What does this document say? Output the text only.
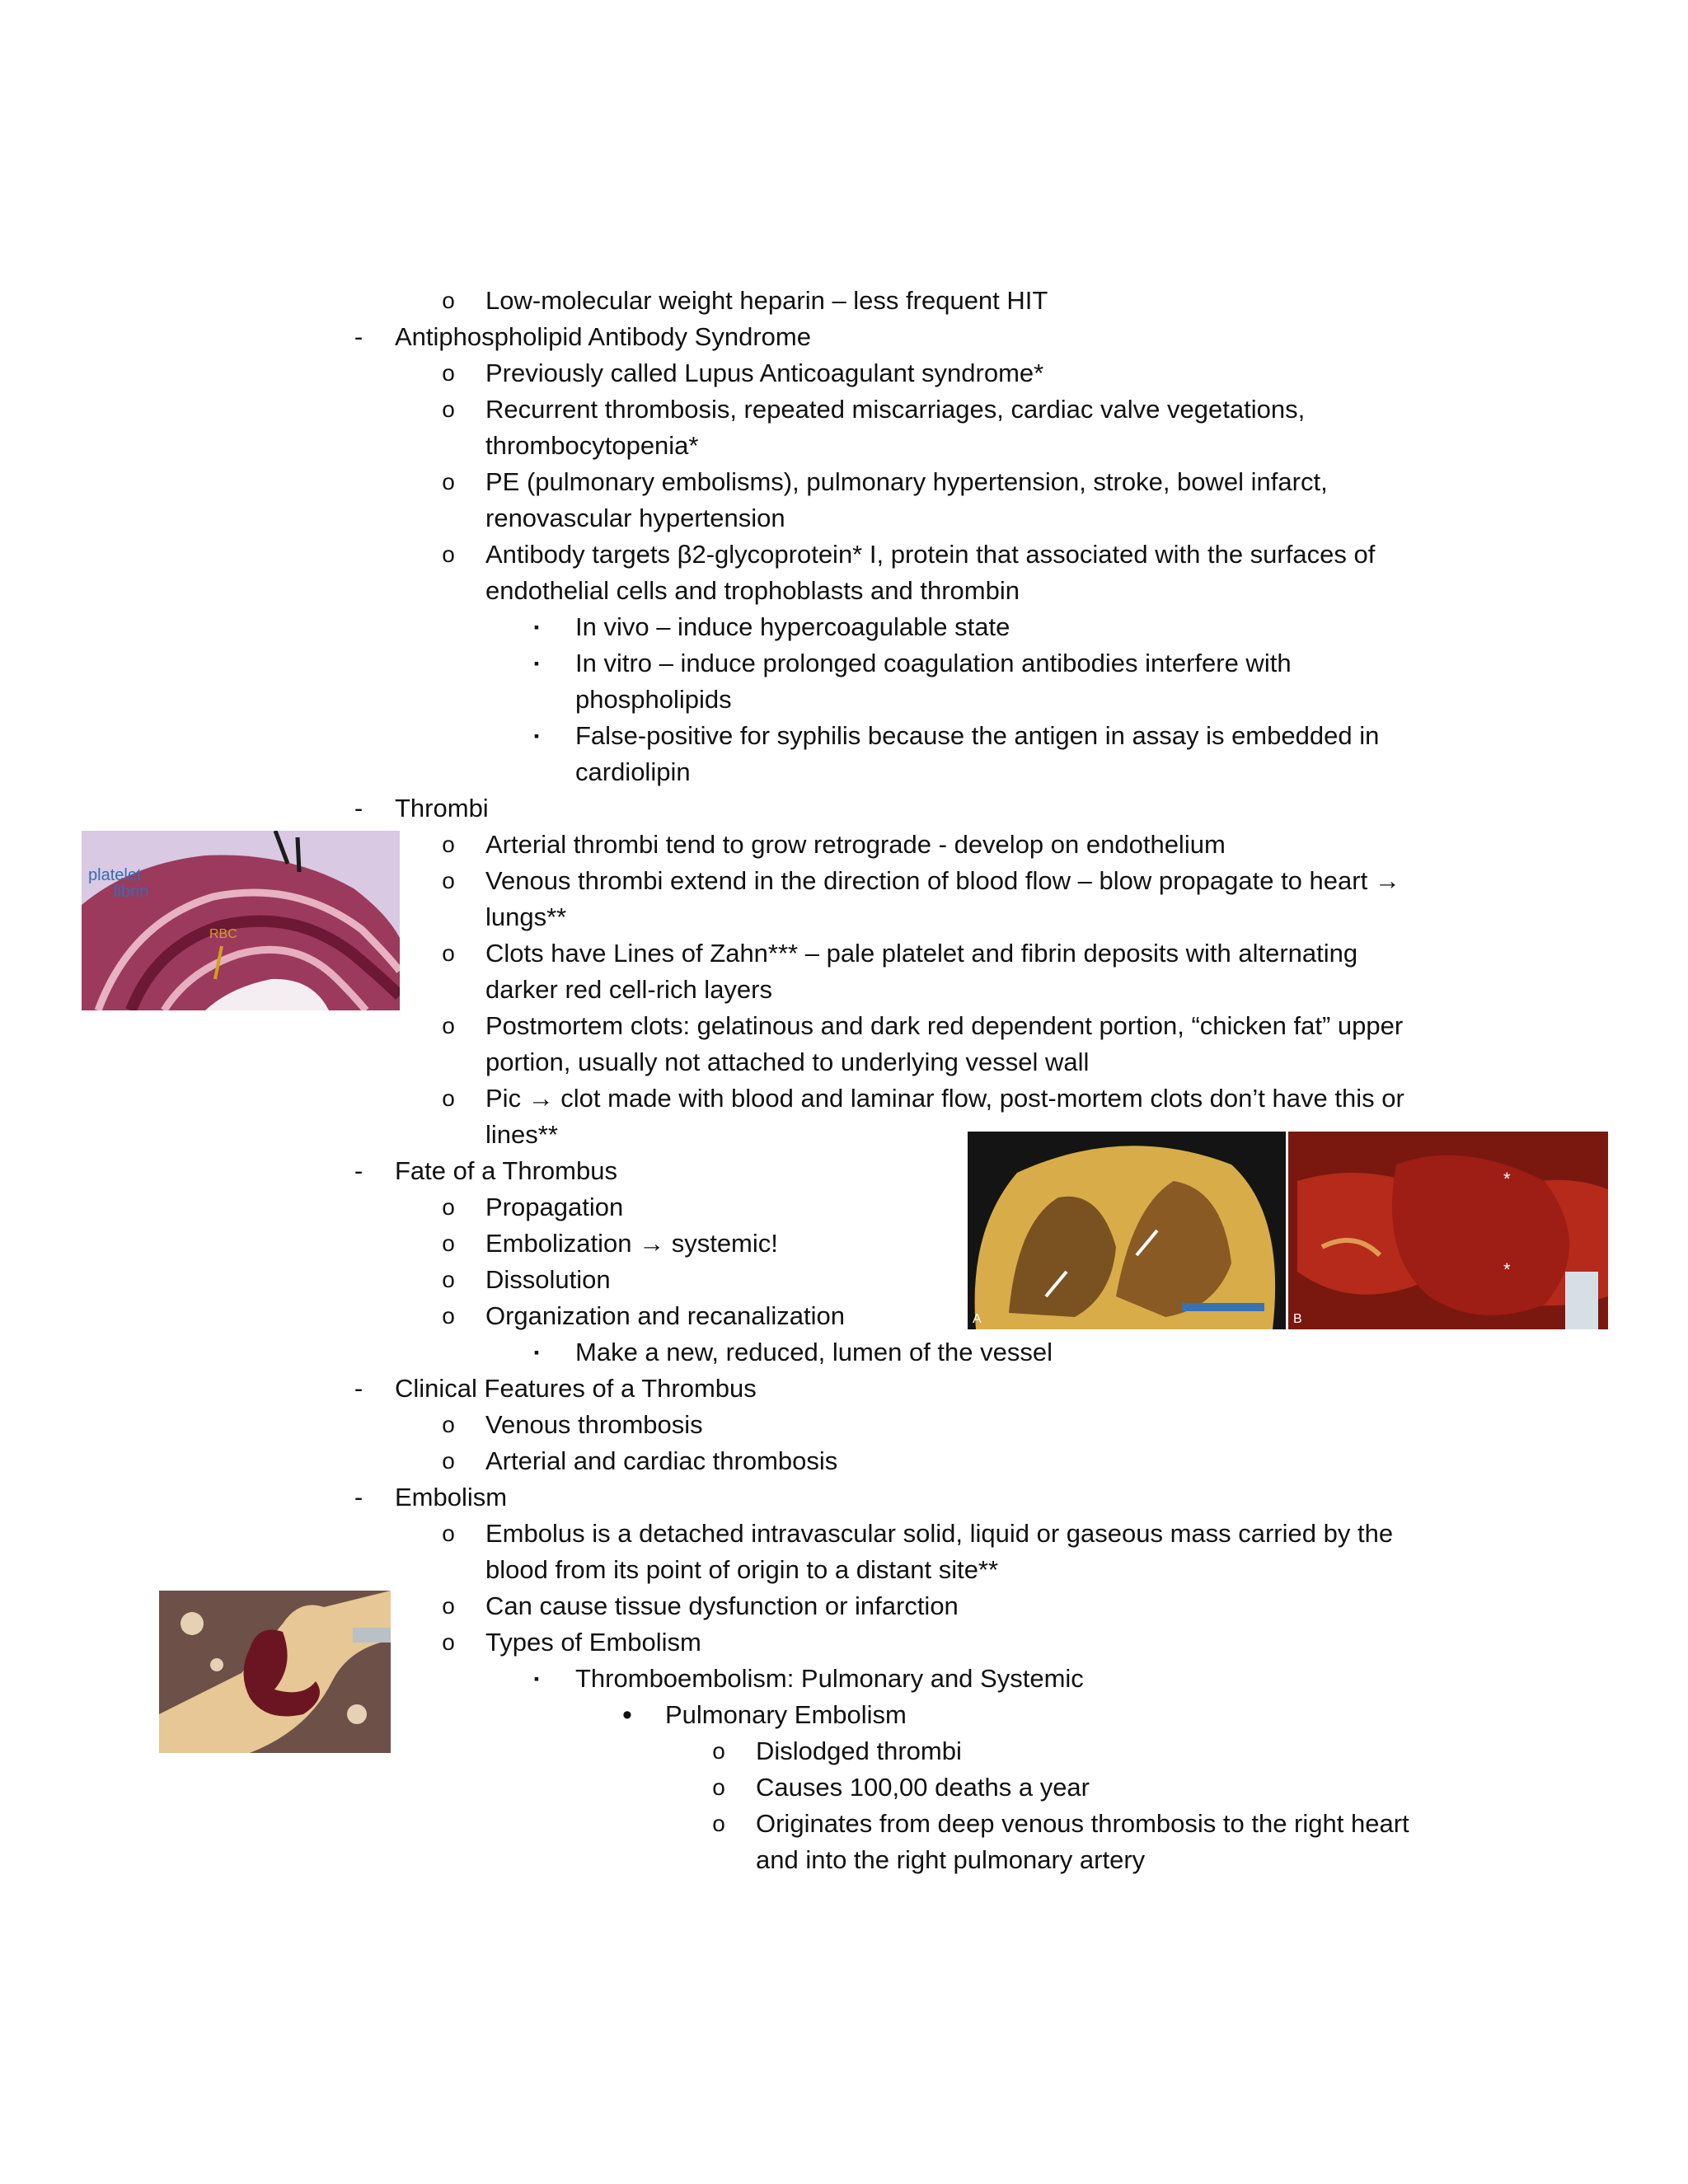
o Low-molecular weight heparin – less frequent HIT
- Antiphospholipid Antibody Syndrome
o Previously called Lupus Anticoagulant syndrome*
o Recurrent thrombosis, repeated miscarriages, cardiac valve vegetations,
thrombocytopenia*
o PE (pulmonary embolisms), pulmonary hypertension, stroke, bowel infarct,
renovascular hypertension
o Antibody targets β2-glycoprotein* I, protein that associated with the surfaces of
endothelial cells and trophoblasts and thrombin
▪ In vivo – induce hypercoagulable state
▪ In vitro – induce prolonged coagulation antibodies interfere with
phospholipids
▪ False-positive for syphilis because the antigen in assay is embedded in
cardiolipin
- Thrombi
o Arterial thrombi tend to grow retrograde - develop on endothelium
o Venous thrombi extend in the direction of blood flow – blow propagate to heart →
lungs**
o Clots have Lines of Zahn*** – pale platelet and fibrin deposits with alternating
darker red cell-rich layers
o Postmortem clots: gelatinous and dark red dependent portion, “chicken fat” upper
portion, usually not attached to underlying vessel wall
o Pic → clot made with blood and laminar flow, post-mortem clots don’t have this or
lines**
- Fate of a Thrombus
o Propagation
o Embolization → systemic!
o Dissolution
o Organization and recanalization
▪ Make a new, reduced, lumen of the vessel
- Clinical Features of a Thrombus
o Venous thrombosis
o Arterial and cardiac thrombosis
- Embolism
o Embolus is a detached intravascular solid, liquid or gaseous mass carried by the
blood from its point of origin to a distant site**
o Can cause tissue dysfunction or infarction
o Types of Embolism
▪ Thromboembolism: Pulmonary and Systemic
• Pulmonary Embolism
o Dislodged thrombi
o Causes 100,00 deaths a year
o Originates from deep venous thrombosis to the right heart
and into the right pulmonary artery
platelet
fibrin
RBC
A
*
*
B
